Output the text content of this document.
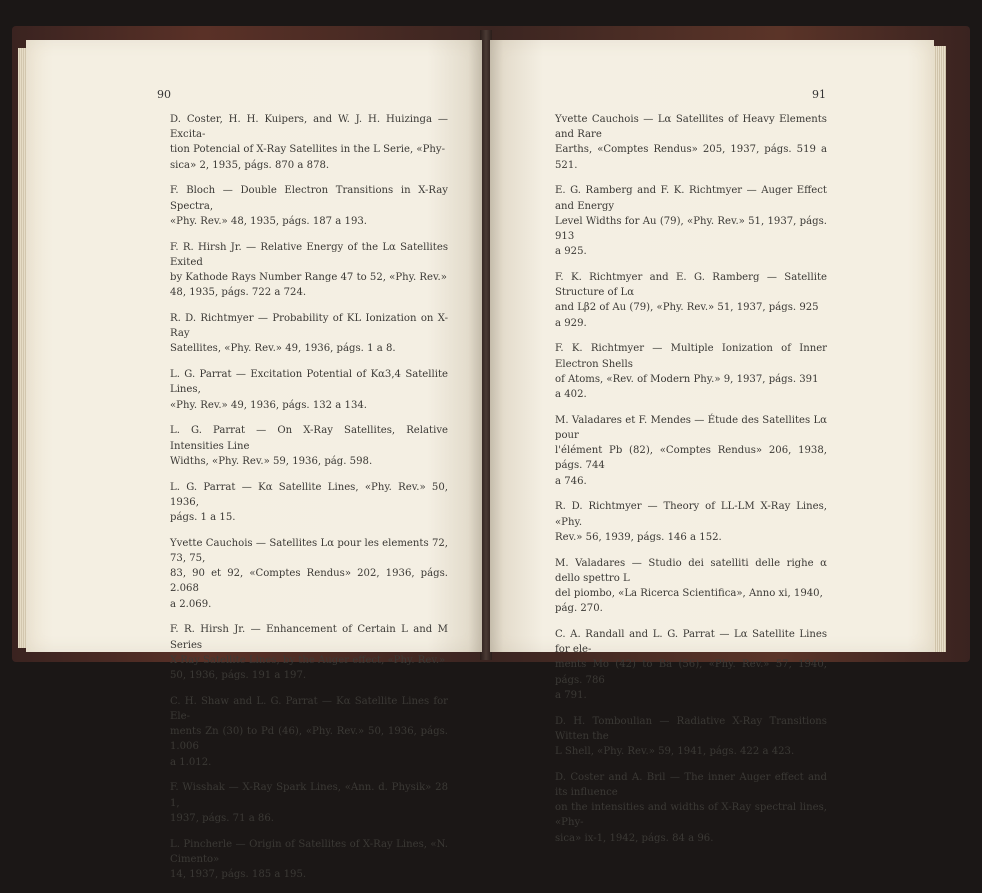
90	91

D. Coster, H. H. Kuipers, and W. J. H. Huizinga — Excita-
tion Potencial of X-Ray Satellites in the L Serie, «Phy-
sica» 2, 1935, págs. 870 a 878.

F. Bloch — Double Electron Transitions in X-Ray Spectra,
«Phy. Rev.» 48, 1935, págs. 187 a 193.

F. R. Hirsh Jr. — Relative Energy of the Lα Satellites Exited
by Kathode Rays Number Range 47 to 52, «Phy. Rev.»
48, 1935, págs. 722 a 724.

R. D. Richtmyer — Probability of KL Ionization on X-Ray
Satellites, «Phy. Rev.» 49, 1936, págs. 1 a 8.

L. G. Parrat — Excitation Potential of Kα3,4 Satellite Lines,
«Phy. Rev.» 49, 1936, págs. 132 a 134.

L. G. Parrat — On X-Ray Satellites, Relative Intensities Line
Widths, «Phy. Rev.» 59, 1936, pág. 598.

L. G. Parrat — Kα Satellite Lines, «Phy. Rev.» 50, 1936,
págs. 1 a 15.

Yvette Cauchois — Satellites Lα pour les elements 72, 73, 75,
83, 90 et 92, «Comptes Rendus» 202, 1936, págs. 2.068
a 2.069.

F. R. Hirsh Jr. — Enhancement of Certain L and M Series
X-Ray Satellite Lines, by the Auger effect, «Phy. Rev.»
50, 1936, págs. 191 a 197.

C. H. Shaw and L. G. Parrat — Kα Satellite Lines for Ele-
ments Zn (30) to Pd (46), «Phy. Rev.» 50, 1936, págs. 1.006
a 1.012.

F. Wisshak — X-Ray Spark Lines, «Ann. d. Physik» 28 1,
1937, págs. 71 a 86.

L. Pincherle — Origin of Satellites of X-Ray Lines, «N. Cimento»
14, 1937, págs. 185 a 195.

Yvette Cauchois — Lα Satellites of Heavy Elements and Rare
Earths, «Comptes Rendus» 205, 1937, págs. 519 a 521.

E. G. Ramberg and F. K. Richtmyer — Auger Effect and Energy
Level Widths for Au (79), «Phy. Rev.» 51, 1937, págs. 913
a 925.

F. K. Richtmyer and E. G. Ramberg — Satellite Structure of Lα
and Lβ2 of Au (79), «Phy. Rev.» 51, 1937, págs. 925
a 929.

F. K. Richtmyer — Multiple Ionization of Inner Electron Shells
of Atoms, «Rev. of Modern Phy.» 9, 1937, págs. 391
a 402.

M. Valadares et F. Mendes — Étude des Satellites Lα pour
l'élément Pb (82), «Comptes Rendus» 206, 1938, págs. 744
a 746.

R. D. Richtmyer — Theory of LL-LM X-Ray Lines, «Phy.
Rev.» 56, 1939, págs. 146 a 152.

M. Valadares — Studio dei satelliti delle righe α dello spettro L
del piombo, «La Ricerca Scientifica», Anno xi, 1940,
pág. 270.

C. A. Randall and L. G. Parrat — Lα Satellite Lines for ele-
ments Mo (42) to Ba (56), «Phy. Rev.» 57, 1940, págs. 786
a 791.

D. H. Tomboulian — Radiative X-Ray Transitions Witten the
L Shell, «Phy. Rev.» 59, 1941, págs. 422 a 423.

D. Coster and A. Bril — The inner Auger effect and its influence
on the intensities and widths of X-Ray spectral lines, «Phy-
sica» ix-1, 1942, págs. 84 a 96.
